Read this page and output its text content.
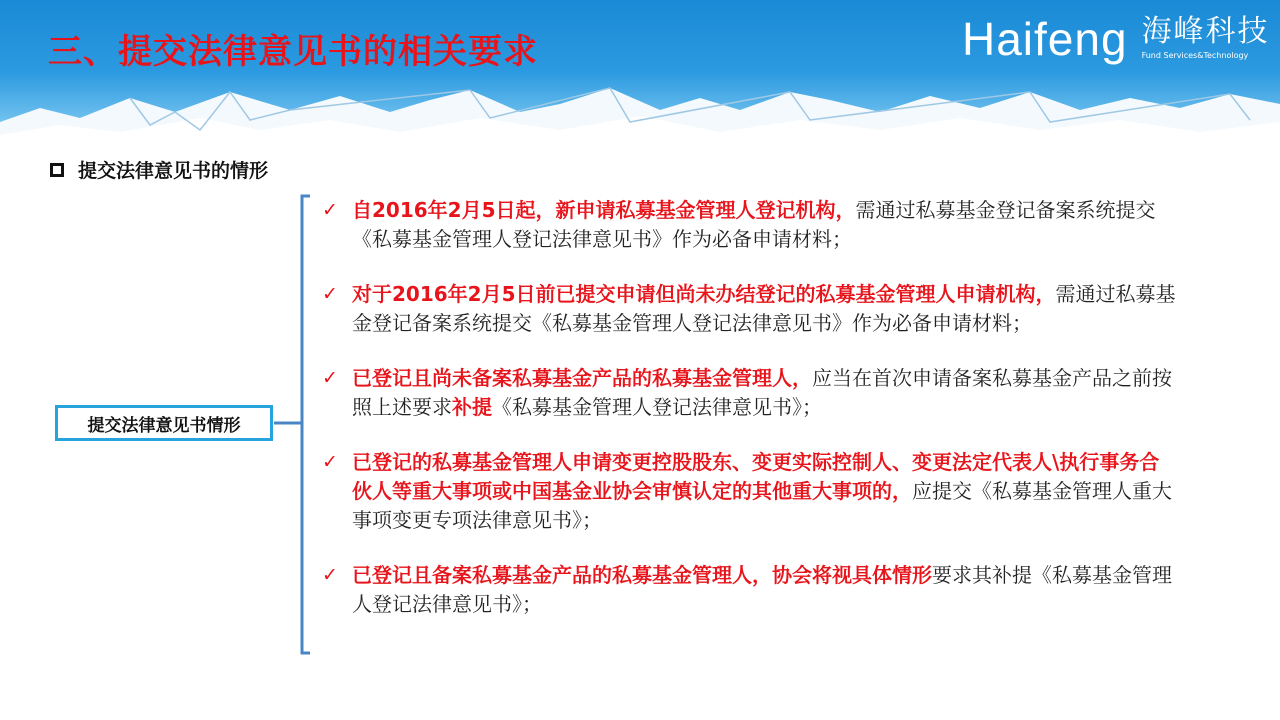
三、提交法律意见书的相关要求	Haifeng 海峰科技
Fund Services&Technology
提交法律意见书的情形
提交法律意见书情形
✓ 自2016年2月5日起，新申请私募基金管理人登记机构，需通过私募基金登记备案系统提交《私募基金管理人登记法律意见书》作为必备申请材料；
✓ 对于2016年2月5日前已提交申请但尚未办结登记的私募基金管理人申请机构，需通过私募基金登记备案系统提交《私募基金管理人登记法律意见书》作为必备申请材料；
✓ 已登记且尚未备案私募基金产品的私募基金管理人，应当在首次申请备案私募基金产品之前按照上述要求补提《私募基金管理人登记法律意见书》；
✓ 已登记的私募基金管理人申请变更控股股东、变更实际控制人、变更法定代表人\执行事务合伙人等重大事项或中国基金业协会审慎认定的其他重大事项的，应提交《私募基金管理人重大事项变更专项法律意见书》；
✓ 已登记且备案私募基金产品的私募基金管理人，协会将视具体情形要求其补提《私募基金管理人登记法律意见书》；
